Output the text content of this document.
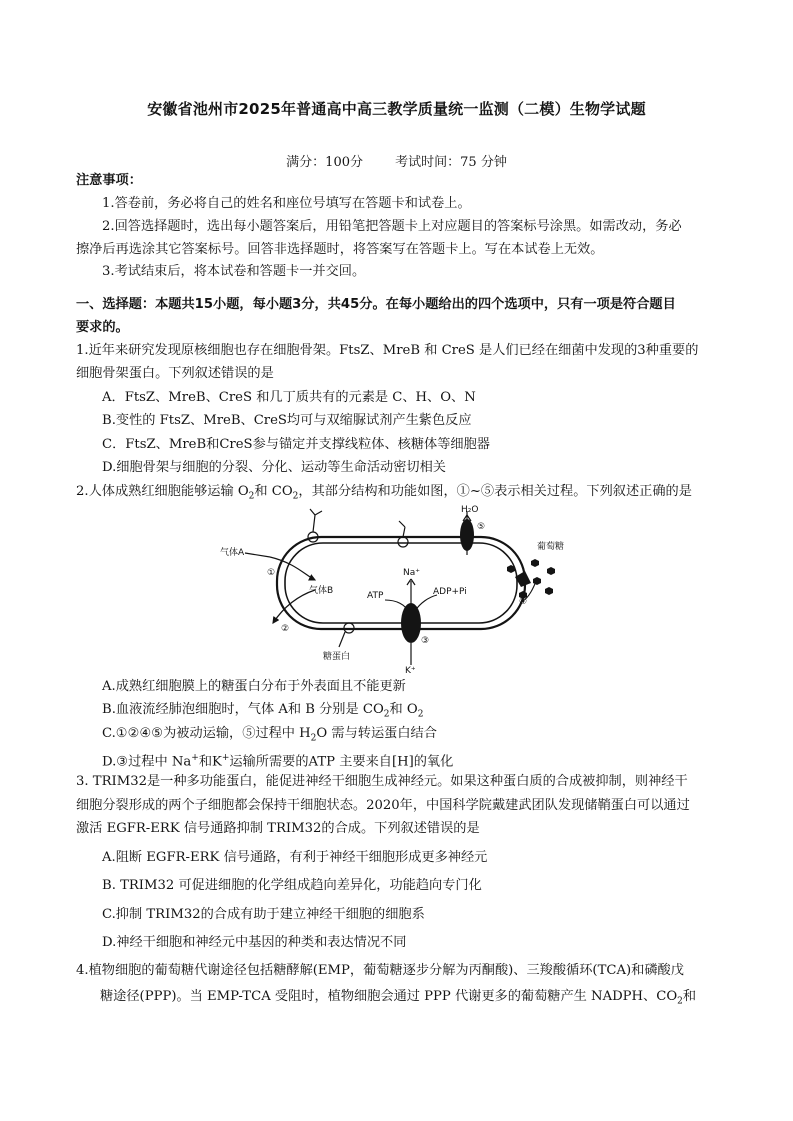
安徽省池州市2025年普通高中高三教学质量统一监测（二模）生物学试题
满分：100分 考试时间：75 分钟
注意事项：
1.答卷前，务必将自己的姓名和座位号填写在答题卡和试卷上。
2.回答选择题时，选出每小题答案后，用铅笔把答题卡上对应题目的答案标号涂黑。如需改动，务必
擦净后再选涂其它答案标号。回答非选择题时，将答案写在答题卡上。写在本试卷上无效。
3.考试结束后，将本试卷和答题卡一并交回。
一、选择题：本题共15小题，每小题3分，共45分。在每小题给出的四个选项中，只有一项是符合题目
要求的。
1.近年来研究发现原核细胞也存在细胞骨架。FtsZ、MreB 和 CreS 是人们已经在细菌中发现的3种重要的
细胞骨架蛋白。下列叙述错误的是
A．FtsZ、MreB、CreS 和几丁质共有的元素是 C、H、O、N
B.变性的 FtsZ、MreB、CreS均可与双缩脲试剂产生紫色反应
C．FtsZ、MreB和CreS参与锚定并支撑线粒体、核糖体等细胞器
D.细胞骨架与细胞的分裂、分化、运动等生命活动密切相关
2.人体成熟红细胞能够运输 $O_2$和 $CO_2$，其部分结构和功能如图，①~⑤表示相关过程。下列叙述正确的是
气体A
①
气体B
②
糖蛋白
H₂O
⑤
Na⁺
K⁺
③
ATP	ADP+Pi
葡萄糖
④
A.成熟红细胞膜上的糖蛋白分布于外表面且不能更新
B.血液流经肺泡细胞时，气体 A和 B 分别是 $CO_2$和 $O_2$
C.①②④⑤为被动运输，⑤过程中 $H_2O$ 需与转运蛋白结合
D.③过程中 Na+和K+运输所需要的ATP 主要来自[H]的氧化
3. TRIM32是一种多功能蛋白，能促进神经干细胞生成神经元。如果这种蛋白质的合成被抑制，则神经干
细胞分裂形成的两个子细胞都会保持干细胞状态。2020年，中国科学院戴建武团队发现储鞘蛋白可以通过
激活 EGFR-ERK 信号通路抑制 TRIM32的合成。下列叙述错误的是
A.阻断 EGFR-ERK 信号通路，有利于神经干细胞形成更多神经元
B. TRIM32 可促进细胞的化学组成趋向差异化，功能趋向专门化
C.抑制 TRIM32的合成有助于建立神经干细胞的细胞系
D.神经干细胞和神经元中基因的种类和表达情况不同
4.植物细胞的葡萄糖代谢途径包括糖酵解(EMP，葡萄糖逐步分解为丙酮酸)、三羧酸循环(TCA)和磷酸戊
糖途径(PPP)。当 EMP-TCA 受阻时，植物细胞会通过 PPP 代谢更多的葡萄糖产生 NADPH、$CO_2$和
